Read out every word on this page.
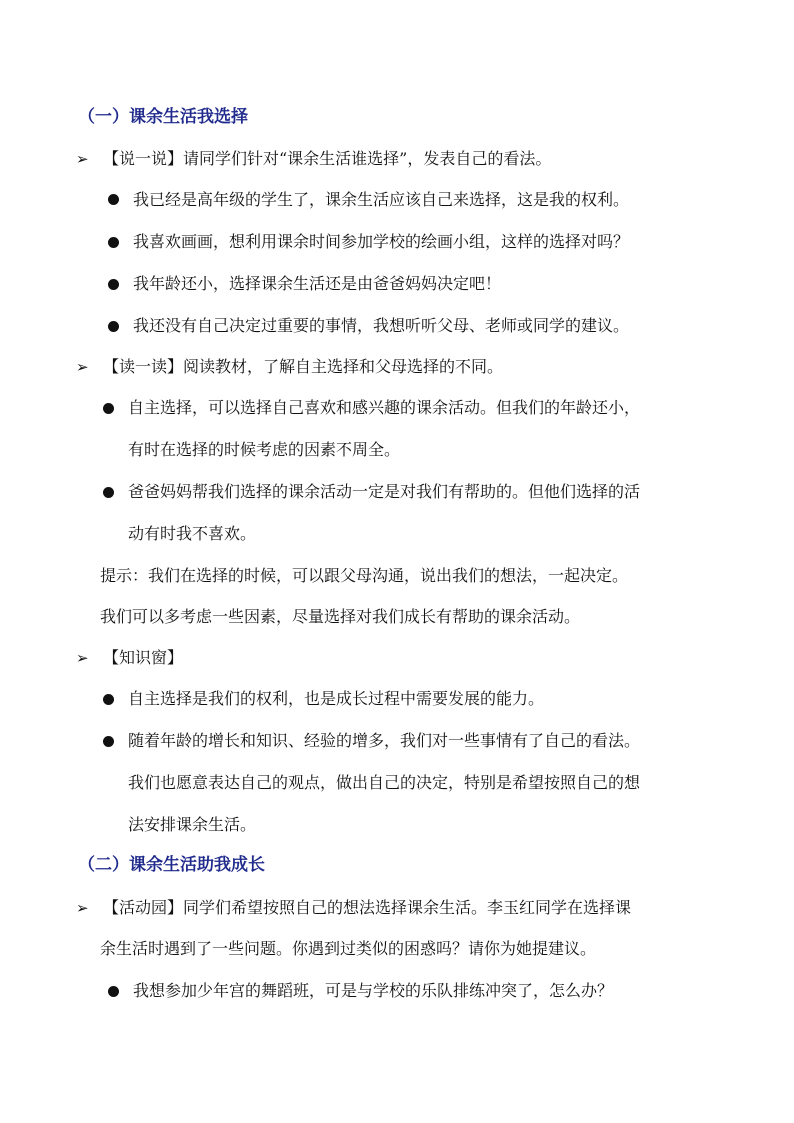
（一）课余生活我选择
➢ 【说一说】请同学们针对“课余生活谁选择”，发表自己的看法。
我已经是高年级的学生了，课余生活应该自己来选择，这是我的权利。
我喜欢画画，想利用课余时间参加学校的绘画小组，这样的选择对吗？
我年龄还小，选择课余生活还是由爸爸妈妈决定吧！
我还没有自己决定过重要的事情，我想听听父母、老师或同学的建议。
➢ 【读一读】阅读教材，了解自主选择和父母选择的不同。
自主选择，可以选择自己喜欢和感兴趣的课余活动。但我们的年龄还小，
有时在选择的时候考虑的因素不周全。
爸爸妈妈帮我们选择的课余活动一定是对我们有帮助的。但他们选择的活
动有时我不喜欢。
提示：我们在选择的时候，可以跟父母沟通，说出我们的想法，一起决定。
我们可以多考虑一些因素，尽量选择对我们成长有帮助的课余活动。
➢ 【知识窗】
自主选择是我们的权利，也是成长过程中需要发展的能力。
随着年龄的增长和知识、经验的增多，我们对一些事情有了自己的看法。
我们也愿意表达自己的观点，做出自己的决定，特别是希望按照自己的想
法安排课余生活。
（二）课余生活助我成长
➢ 【活动园】同学们希望按照自己的想法选择课余生活。李玉红同学在选择课
余生活时遇到了一些问题。你遇到过类似的困惑吗？请你为她提建议。
我想参加少年宫的舞蹈班，可是与学校的乐队排练冲突了，怎么办？
